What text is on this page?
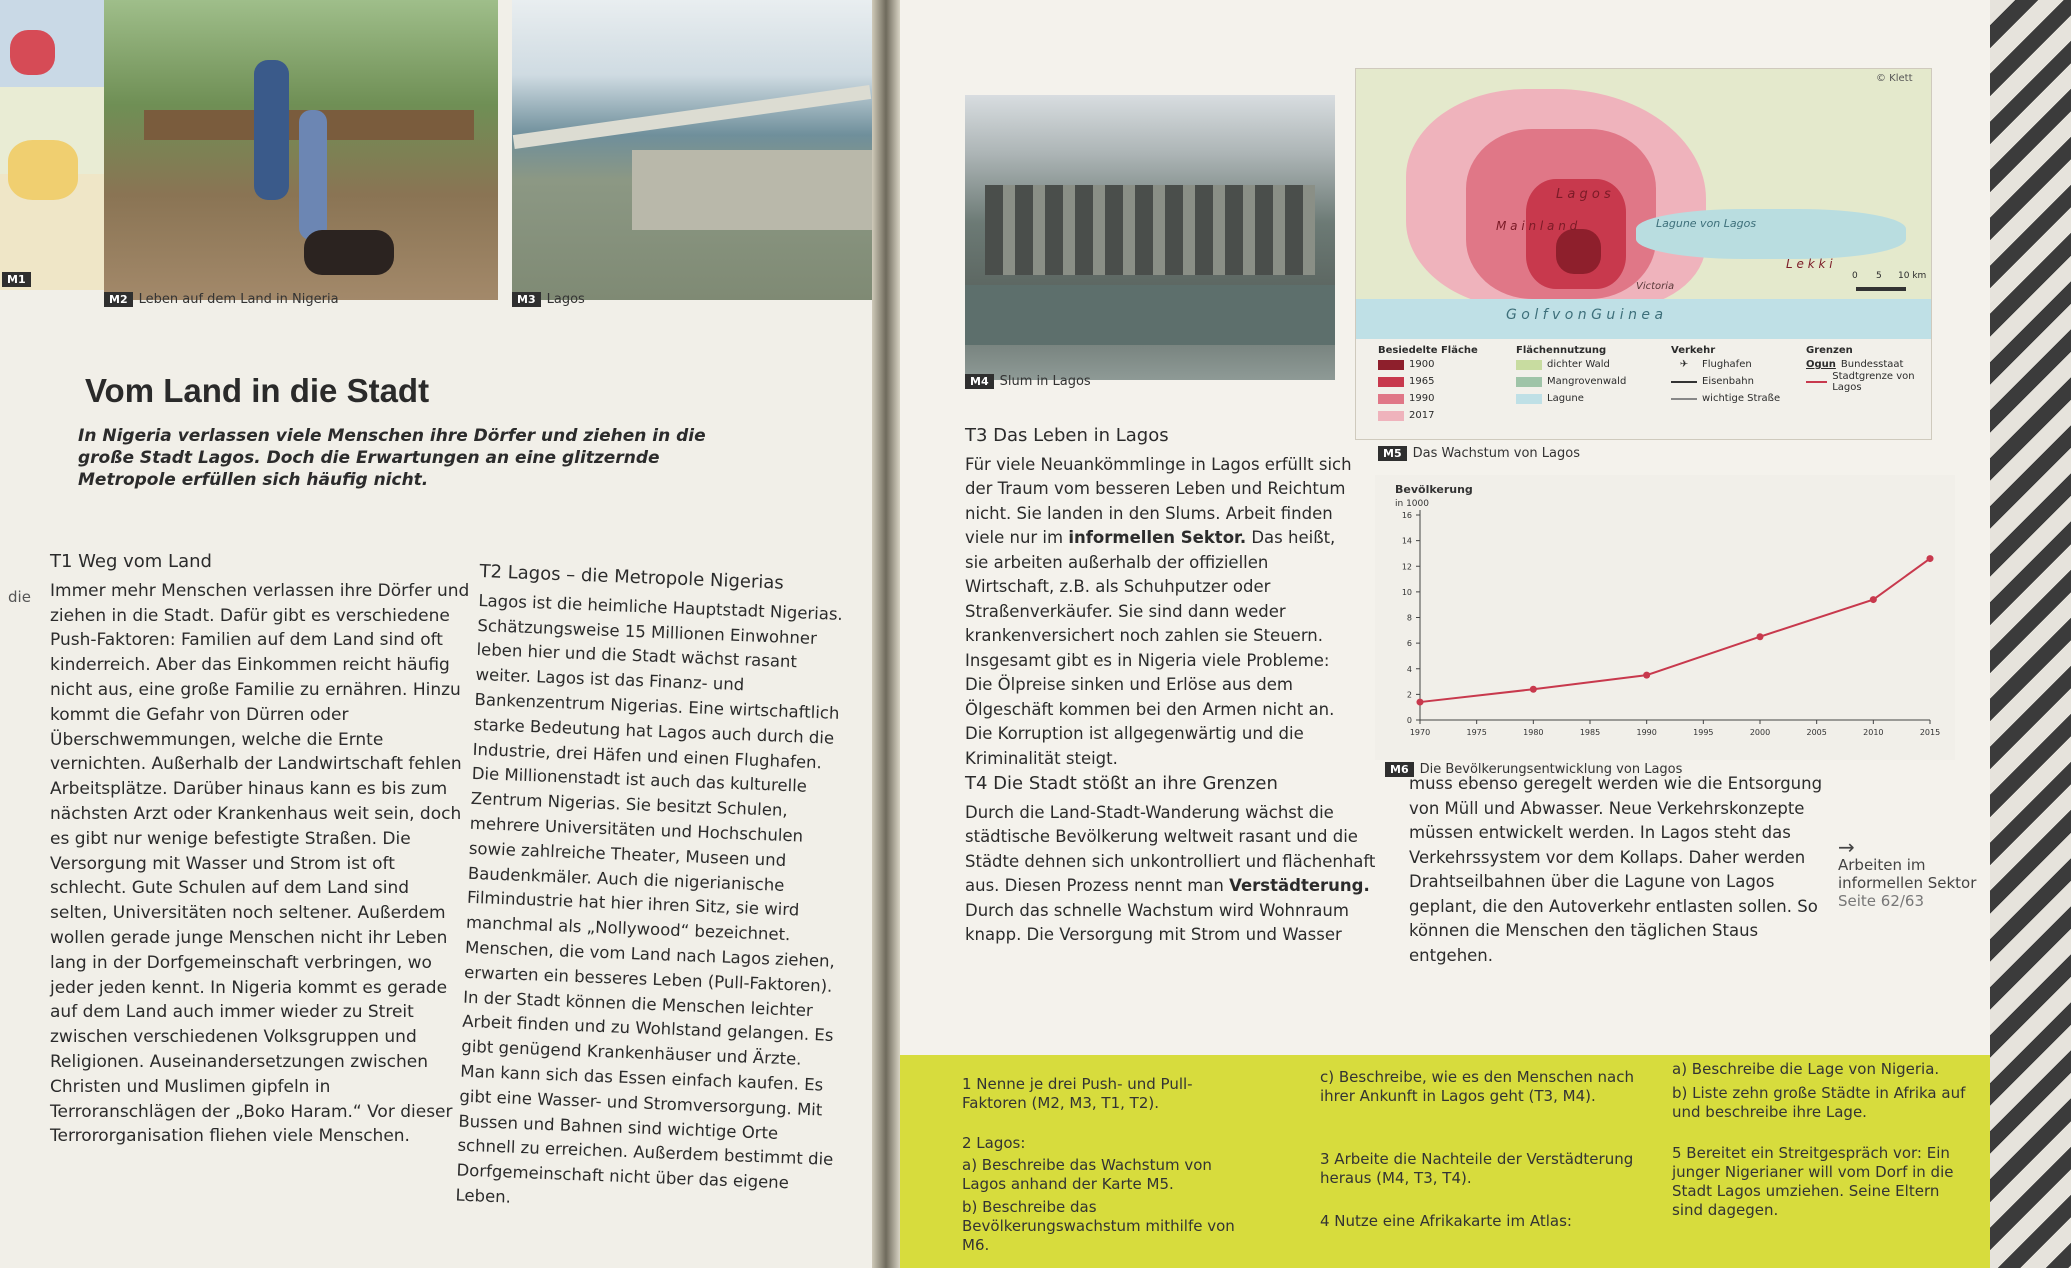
M1
M2 Leben auf dem Land in Nigeria	M3 Lagos
Vom Land in die Stadt
In Nigeria verlassen viele Menschen ihre Dörfer und ziehen in die große Stadt Lagos. Doch die Erwartungen an eine glitzernde Metropole erfüllen sich häufig nicht.
die
T1 Weg vom Land

Immer mehr Menschen verlassen ihre Dörfer und ziehen in die Stadt. Dafür gibt es verschiedene Push-Faktoren: Familien auf dem Land sind oft kinderreich. Aber das Einkommen reicht häufig nicht aus, eine große Familie zu ernähren. Hinzu kommt die Gefahr von Dürren oder Überschwemmungen, welche die Ernte vernichten. Außerhalb der Landwirtschaft fehlen Arbeitsplätze. Darüber hinaus kann es bis zum nächsten Arzt oder Krankenhaus weit sein, doch es gibt nur wenige befestigte Straßen. Die Versorgung mit Wasser und Strom ist oft schlecht. Gute Schulen auf dem Land sind selten, Universitäten noch seltener. Außerdem wollen gerade junge Menschen nicht ihr Leben lang in der Dorfgemeinschaft verbringen, wo jeder jeden kennt. In Nigeria kommt es gerade auf dem Land auch immer wieder zu Streit zwischen verschiedenen Volksgruppen und Religionen. Auseinandersetzungen zwischen Christen und Muslimen gipfeln in Terroranschlägen der „Boko Haram.“ Vor dieser Terrororganisation fliehen viele Menschen.

T2 Lagos – die Metropole Nigerias

Lagos ist die heimliche Hauptstadt Nigerias. Schätzungsweise 15 Millionen Einwohner leben hier und die Stadt wächst rasant weiter. Lagos ist das Finanz- und Bankenzentrum Nigerias. Eine wirtschaftlich starke Bedeutung hat Lagos auch durch die Industrie, drei Häfen und einen Flughafen. Die Millionenstadt ist auch das kulturelle Zentrum Nigerias. Sie besitzt Schulen, mehrere Universitäten und Hochschulen sowie zahlreiche Theater, Museen und Baudenkmäler. Auch die nigerianische Filmindustrie hat hier ihren Sitz, sie wird manchmal als „Nollywood“ bezeichnet. Menschen, die vom Land nach Lagos ziehen, erwarten ein besseres Leben (Pull-Faktoren). In der Stadt können die Menschen leichter Arbeit finden und zu Wohlstand gelangen. Es gibt genügend Krankenhäuser und Ärzte. Man kann sich das Essen einfach kaufen. Es gibt eine Wasser- und Stromversorgung. Mit Bussen und Bahnen sind wichtige Orte schnell zu erreichen. Außerdem bestimmt die Dorfgemeinschaft nicht über das eigene Leben.

M4 Slum in Lagos
L a g o s
M a i n l a n d	Lagune von Lagos
L e k k i
Victoria
G o l f v o n G u i n e a
© Klett
0 5 10 km
Besiedelte Fläche
1900
1965
1990
2017
Flächennutzung
dichter Wald
Mangrovenwald
Lagune
Verkehr
✈	Flughafen
Eisenbahn
wichtige Straße
Grenzen
Ogun Bundesstaat
Stadtgrenze von Lagos
M5 Das Wachstum von Lagos
Bevölkerung
in 1000
0
2
4
6
8
10
12
14
16
1970	1975	1980	1985	1990	1995	2000	2005	2010	2015
M6 Die Bevölkerungsentwicklung von Lagos
T3 Das Leben in Lagos

Für viele Neuankömmlinge in Lagos erfüllt sich der Traum vom besseren Leben und Reichtum nicht. Sie landen in den Slums. Arbeit finden viele nur im informellen Sektor. Das heißt, sie arbeiten außerhalb der offiziellen Wirtschaft, z.B. als Schuhputzer oder Straßenverkäufer. Sie sind dann weder krankenversichert noch zahlen sie Steuern. Insgesamt gibt es in Nigeria viele Probleme: Die Ölpreise sinken und Erlöse aus dem Ölgeschäft kommen bei den Armen nicht an. Die Korruption ist allgegenwärtig und die Kriminalität steigt.

T4 Die Stadt stößt an ihre Grenzen

Durch die Land-Stadt-Wanderung wächst die städtische Bevölkerung weltweit rasant und die Städte dehnen sich unkontrolliert und flächenhaft aus. Diesen Prozess nennt man Verstädterung. Durch das schnelle Wachstum wird Wohnraum knapp. Die Versorgung mit Strom und Wasser muss ebenso geregelt werden wie die Entsorgung von Müll und Abwasser. Neue Verkehrskonzepte müssen entwickelt werden. In Lagos steht das Verkehrssystem vor dem Kollaps. Daher werden Drahtseilbahnen über die Lagune von Lagos geplant, die den Autoverkehr entlasten sollen. So können die Menschen den täglichen Staus entgehen.

→
Arbeiten im informellen Sektor
Seite 62/63
1 Nenne je drei Push- und Pull-Faktoren (M2, M3, T1, T2).
2 Lagos:
a) Beschreibe das Wachstum von Lagos anhand der Karte M5.
b) Beschreibe das Bevölkerungswachstum mithilfe von M6.
c) Beschreibe, wie es den Menschen nach ihrer Ankunft in Lagos geht (T3, M4).
3 Arbeite die Nachteile der Verstädterung heraus (M4, T3, T4).
4 Nutze eine Afrikakarte im Atlas:
a) Beschreibe die Lage von Nigeria.
b) Liste zehn große Städte in Afrika auf und beschreibe ihre Lage.
5 Bereitet ein Streitgespräch vor: Ein junger Nigerianer will vom Dorf in die Stadt Lagos umziehen. Seine Eltern sind dagegen.
